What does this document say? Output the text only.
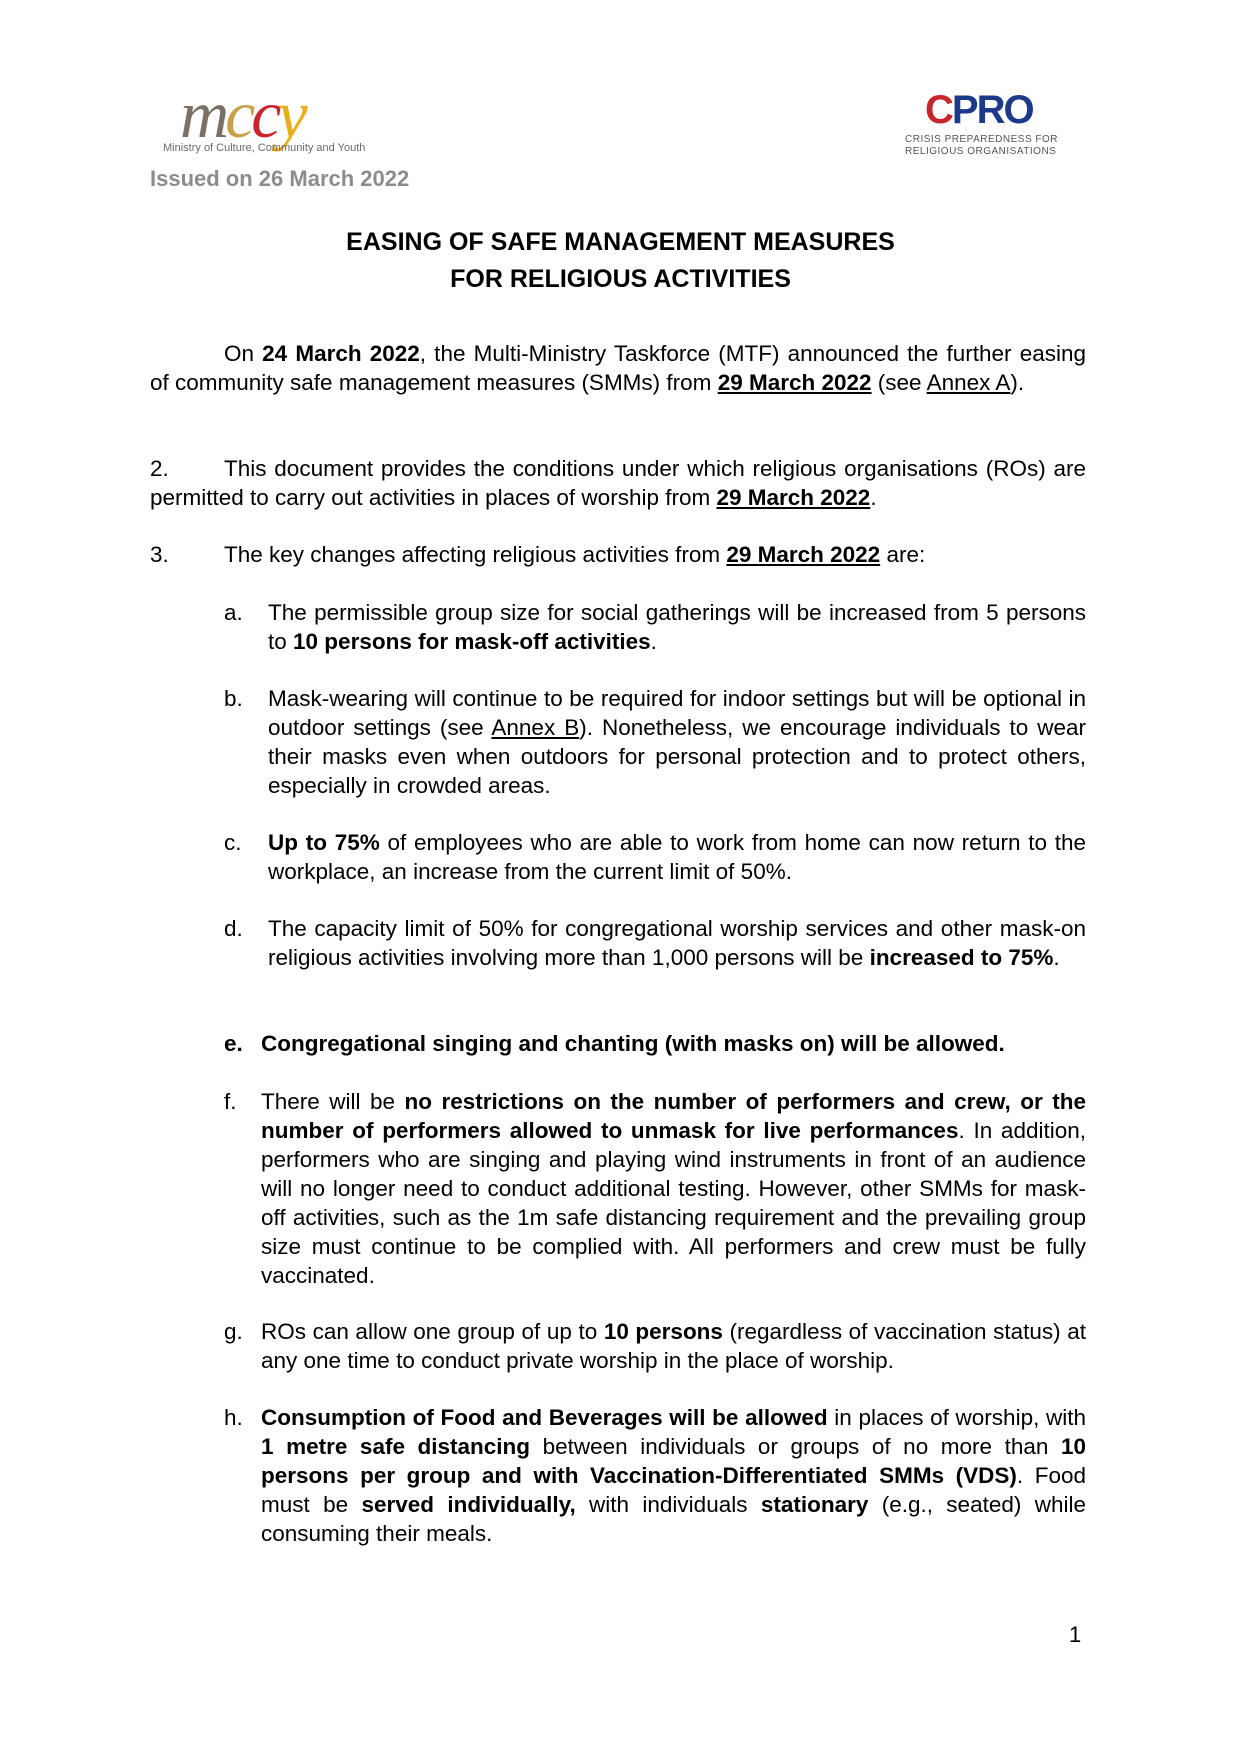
mccy
Ministry of Culture, Community and Youth
Issued on 26 March 2022
CPRO
CRISIS PREPAREDNESS FOR
RELIGIOUS ORGANISATIONS
EASING OF SAFE MANAGEMENT MEASURES
FOR RELIGIOUS ACTIVITIES
On 24 March 2022, the Multi-Ministry Taskforce (MTF) announced the further easing of community safe management measures (SMMs) from 29 March 2022 (see Annex A).
2. This document provides the conditions under which religious organisations (ROs) are permitted to carry out activities in places of worship from 29 March 2022.
3. The key changes affecting religious activities from 29 March 2022 are:
a.	The permissible group size for social gatherings will be increased from 5 persons to 10 persons for mask-off activities.
b.	Mask-wearing will continue to be required for indoor settings but will be optional in outdoor settings (see Annex B). Nonetheless, we encourage individuals to wear their masks even when outdoors for personal protection and to protect others, especially in crowded areas.
c.	Up to 75% of employees who are able to work from home can now return to the workplace, an increase from the current limit of 50%.
d.	The capacity limit of 50% for congregational worship services and other mask-on religious activities involving more than 1,000 persons will be increased to 75%.
e. Congregational singing and chanting (with masks on) will be allowed.
f.	There will be no restrictions on the number of performers and crew, or the number of performers allowed to unmask for live performances. In addition, performers who are singing and playing wind instruments in front of an audience will no longer need to conduct additional testing. However, other SMMs for mask-off activities, such as the 1m safe distancing requirement and the prevailing group size must continue to be complied with. All performers and crew must be fully vaccinated.
g. ROs can allow one group of up to 10 persons (regardless of vaccination status) at any one time to conduct private worship in the place of worship.
h. Consumption of Food and Beverages will be allowed in places of worship, with 1 metre safe distancing between individuals or groups of no more than 10 persons per group and with Vaccination-Differentiated SMMs (VDS). Food must be served individually, with individuals stationary (e.g., seated) while consuming their meals.
1
